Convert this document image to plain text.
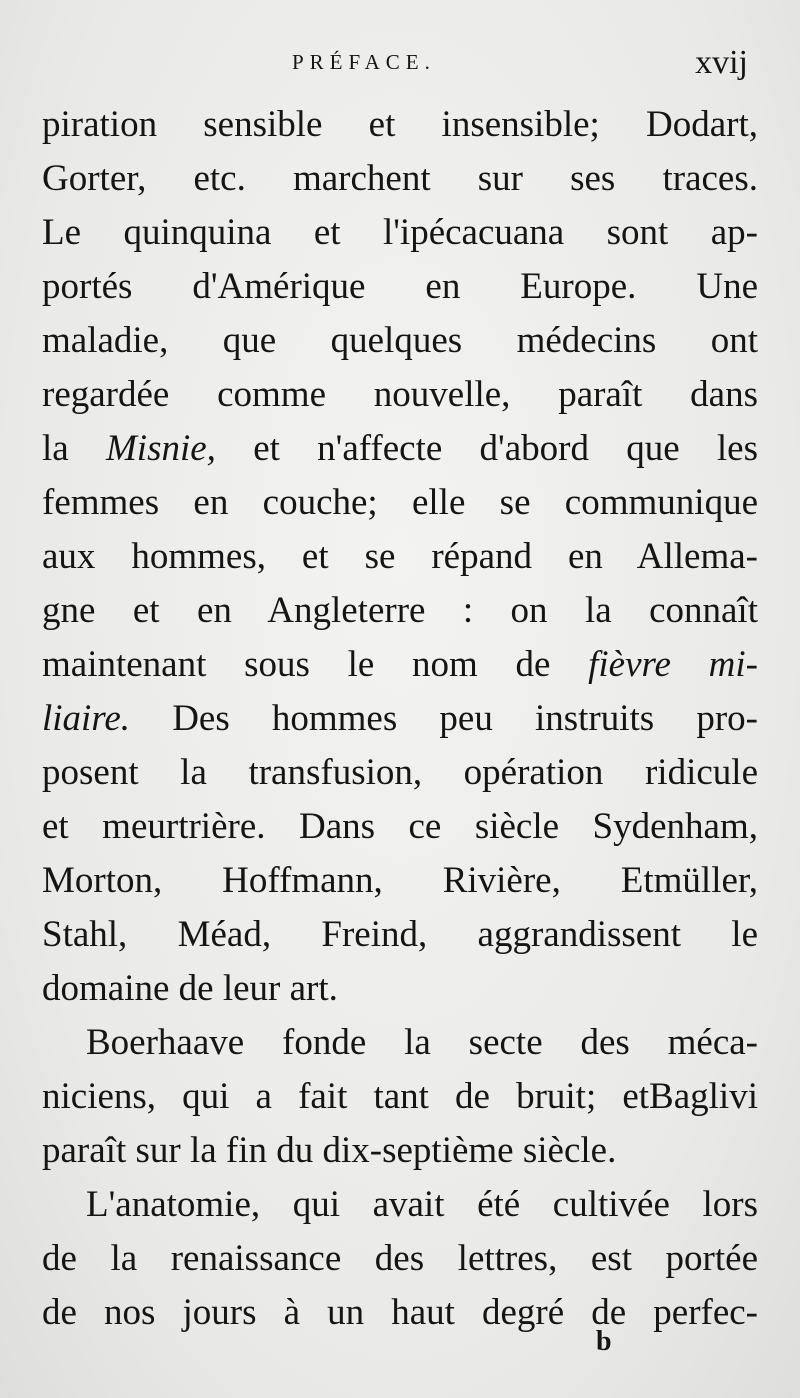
PRÉFACE.	xvij
piration sensible et insensible; Dodart,
Gorter, etc. marchent sur ses traces.
Le quinquina et l'ipécacuana sont ap-
portés d'Amérique en Europe. Une
maladie, que quelques médecins ont
regardée comme nouvelle, paraît dans
la Misnie, et n'affecte d'abord que les
femmes en couche; elle se communique
aux hommes, et se répand en Allema-
gne et en Angleterre : on la connaît
maintenant sous le nom de fièvre mi-
liaire. Des hommes peu instruits pro-
posent la transfusion, opération ridicule
et meurtrière. Dans ce siècle Sydenham,
Morton, Hoffmann, Rivière, Etmüller,
Stahl, Méad, Freind, aggrandissent le
domaine de leur art.
Boerhaave fonde la secte des méca-
niciens, qui a fait tant de bruit; etBaglivi
paraît sur la fin du dix-septième siècle.
L'anatomie, qui avait été cultivée lors
de la renaissance des lettres, est portée
de nos jours à un haut degré de perfec-
b
